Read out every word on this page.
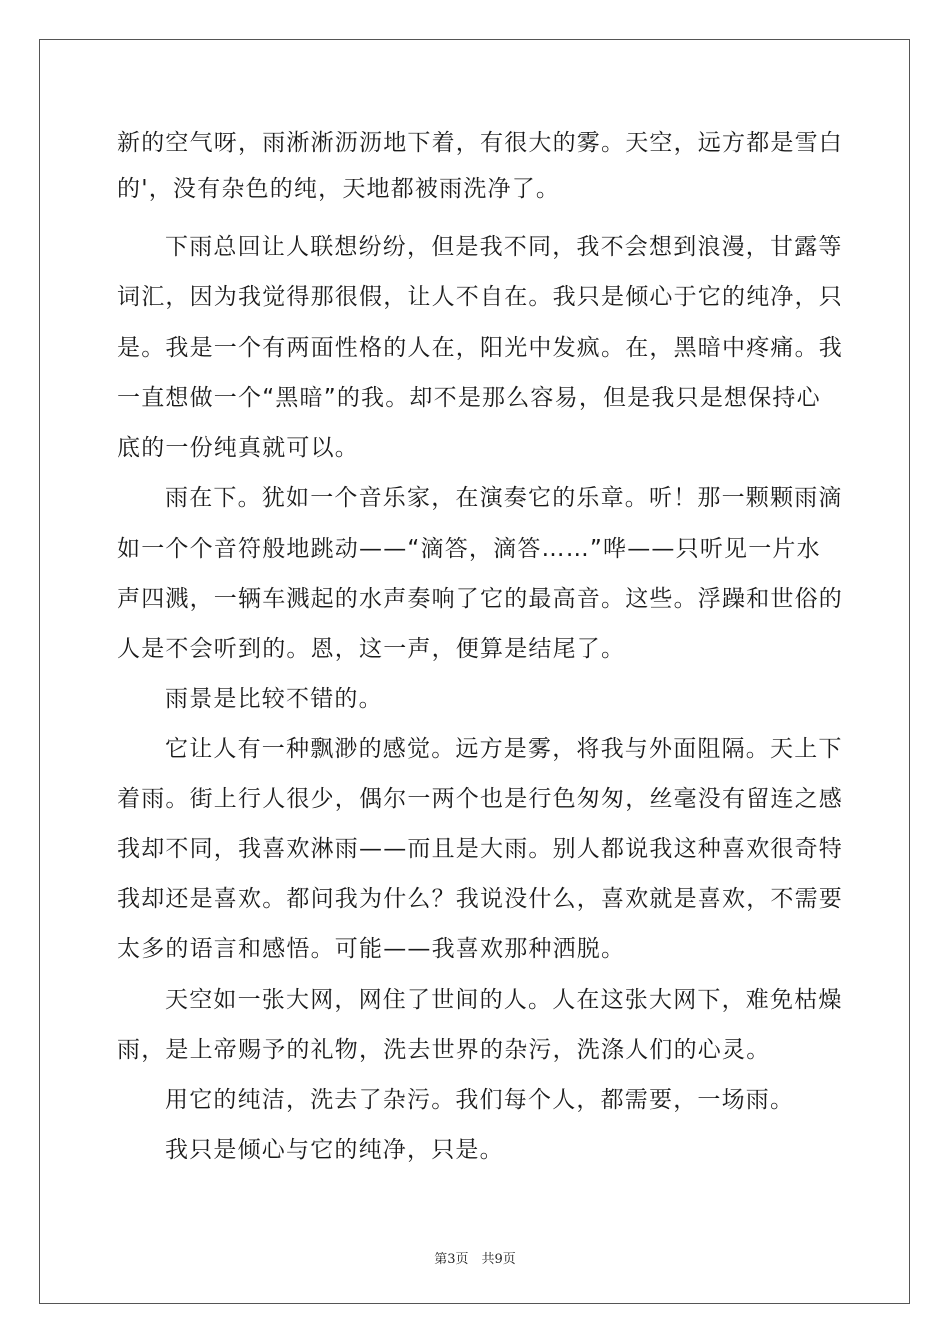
新的空气呀，雨淅淅沥沥地下着，有很大的雾。天空，远方都是雪白
的'，没有杂色的纯，天地都被雨洗净了。
下雨总回让人联想纷纷，但是我不同，我不会想到浪漫，甘露等
词汇，因为我觉得那很假，让人不自在。我只是倾心于它的纯净，只
是。我是一个有两面性格的人在，阳光中发疯。在，黑暗中疼痛。我
一直想做一个“黑暗”的我。却不是那么容易，但是我只是想保持心
底的一份纯真就可以。
雨在下。犹如一个音乐家，在演奏它的乐章。听！那一颗颗雨滴
如一个个音符般地跳动——“滴答，滴答……”哗——只听见一片水
声四溅，一辆车溅起的水声奏响了它的最高音。这些。浮躁和世俗的
人是不会听到的。恩，这一声，便算是结尾了。
雨景是比较不错的。
它让人有一种飘渺的感觉。远方是雾，将我与外面阻隔。天上下
着雨。街上行人很少，偶尔一两个也是行色匆匆，丝毫没有留连之感
我却不同，我喜欢淋雨——而且是大雨。别人都说我这种喜欢很奇特
我却还是喜欢。都问我为什么？我说没什么，喜欢就是喜欢，不需要
太多的语言和感悟。可能——我喜欢那种洒脱。
天空如一张大网，网住了世间的人。人在这张大网下，难免枯燥
雨，是上帝赐予的礼物，洗去世界的杂污，洗涤人们的心灵。
用它的纯洁，洗去了杂污。我们每个人，都需要，一场雨。
我只是倾心与它的纯净，只是。
第3页　共9页
